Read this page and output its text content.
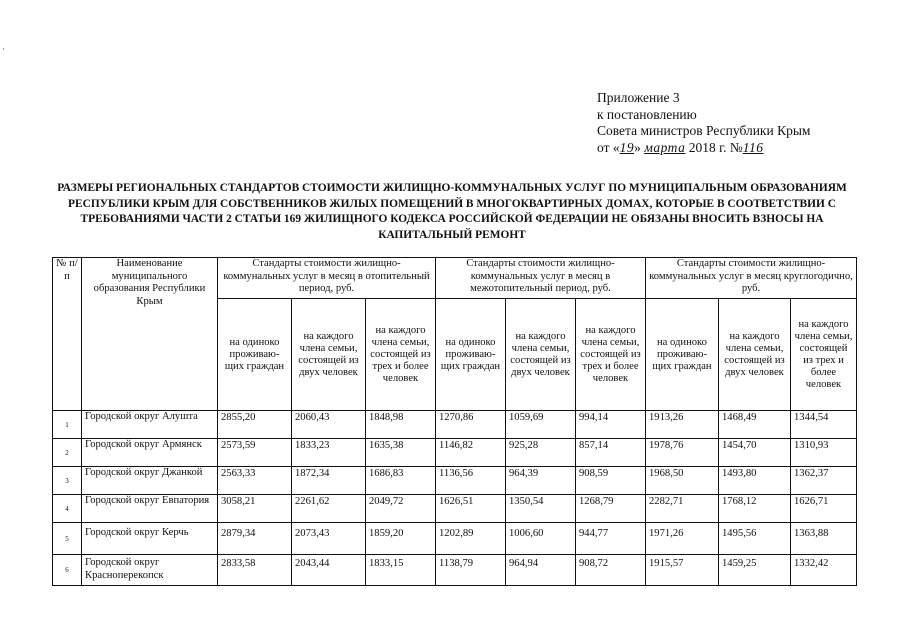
·
Приложение 3
к постановлению
Совета министров Республики Крым
от «19» марта 2018 г. №116
РАЗМЕРЫ РЕГИОНАЛЬНЫХ СТАНДАРТОВ СТОИМОСТИ ЖИЛИЩНО-КОММУНАЛЬНЫХ УСЛУГ ПО МУНИЦИПАЛЬНЫМ ОБРАЗОВАНИЯМ РЕСПУБЛИКИ КРЫМ ДЛЯ СОБСТВЕННИКОВ ЖИЛЫХ ПОМЕЩЕНИЙ В МНОГОКВАРТИРНЫХ ДОМАХ, КОТОРЫЕ В СООТВЕТСТВИИ С ТРЕБОВАНИЯМИ ЧАСТИ 2 СТАТЬИ 169 ЖИЛИЩНОГО КОДЕКСА РОССИЙСКОЙ ФЕДЕРАЦИИ НЕ ОБЯЗАНЫ ВНОСИТЬ ВЗНОСЫ НА КАПИТАЛЬНЫЙ РЕМОНТ
№ п/п	Наименование муниципального образования Республики Крым	Стандарты стоимости жилищно-коммунальных услуг в месяц в отопительный период, руб.			Стандарты стоимости жилищно-коммунальных услуг в месяц в межотопительный период, руб.			Стандарты стоимости жилищно-коммунальных услуг в месяц круглогодично, руб.		
		на одиноко проживаю-щих граждан	на каждого члена семьи, состоящей из двух человек	на каждого члена семьи, состоящей из трех и более человек	на одиноко проживаю-щих граждан	на каждого члена семьи, состоящей из двух человек	на каждого члена семьи, состоящей из трех и более человек	на одиноко проживаю-щих граждан	на каждого члена семьи, состоящей из двух человек	на каждого члена семьи, состоящей из трех и более человек
1	Городской округ Алушта	2855,20	2060,43	1848,98	1270,86	1059,69	994,14	1913,26	1468,49	1344,54
2	Городской округ Армянск	2573,59	1833,23	1635,38	1146,82	925,28	857,14	1978,76	1454,70	1310,93
3	Городской округ Джанкой	2563,33	1872,34	1686,83	1136,56	964,39	908,59	1968,50	1493,80	1362,37
4	Городской округ Евпатория	3058,21	2261,62	2049,72	1626,51	1350,54	1268,79	2282,71	1768,12	1626,71
5	Городской округ Керчь	2879,34	2073,43	1859,20	1202,89	1006,60	944,77	1971,26	1495,56	1363,88
6	Городской округ Красноперекопск	2833,58	2043,44	1833,15	1138,79	964,94	908,72	1915,57	1459,25	1332,42
